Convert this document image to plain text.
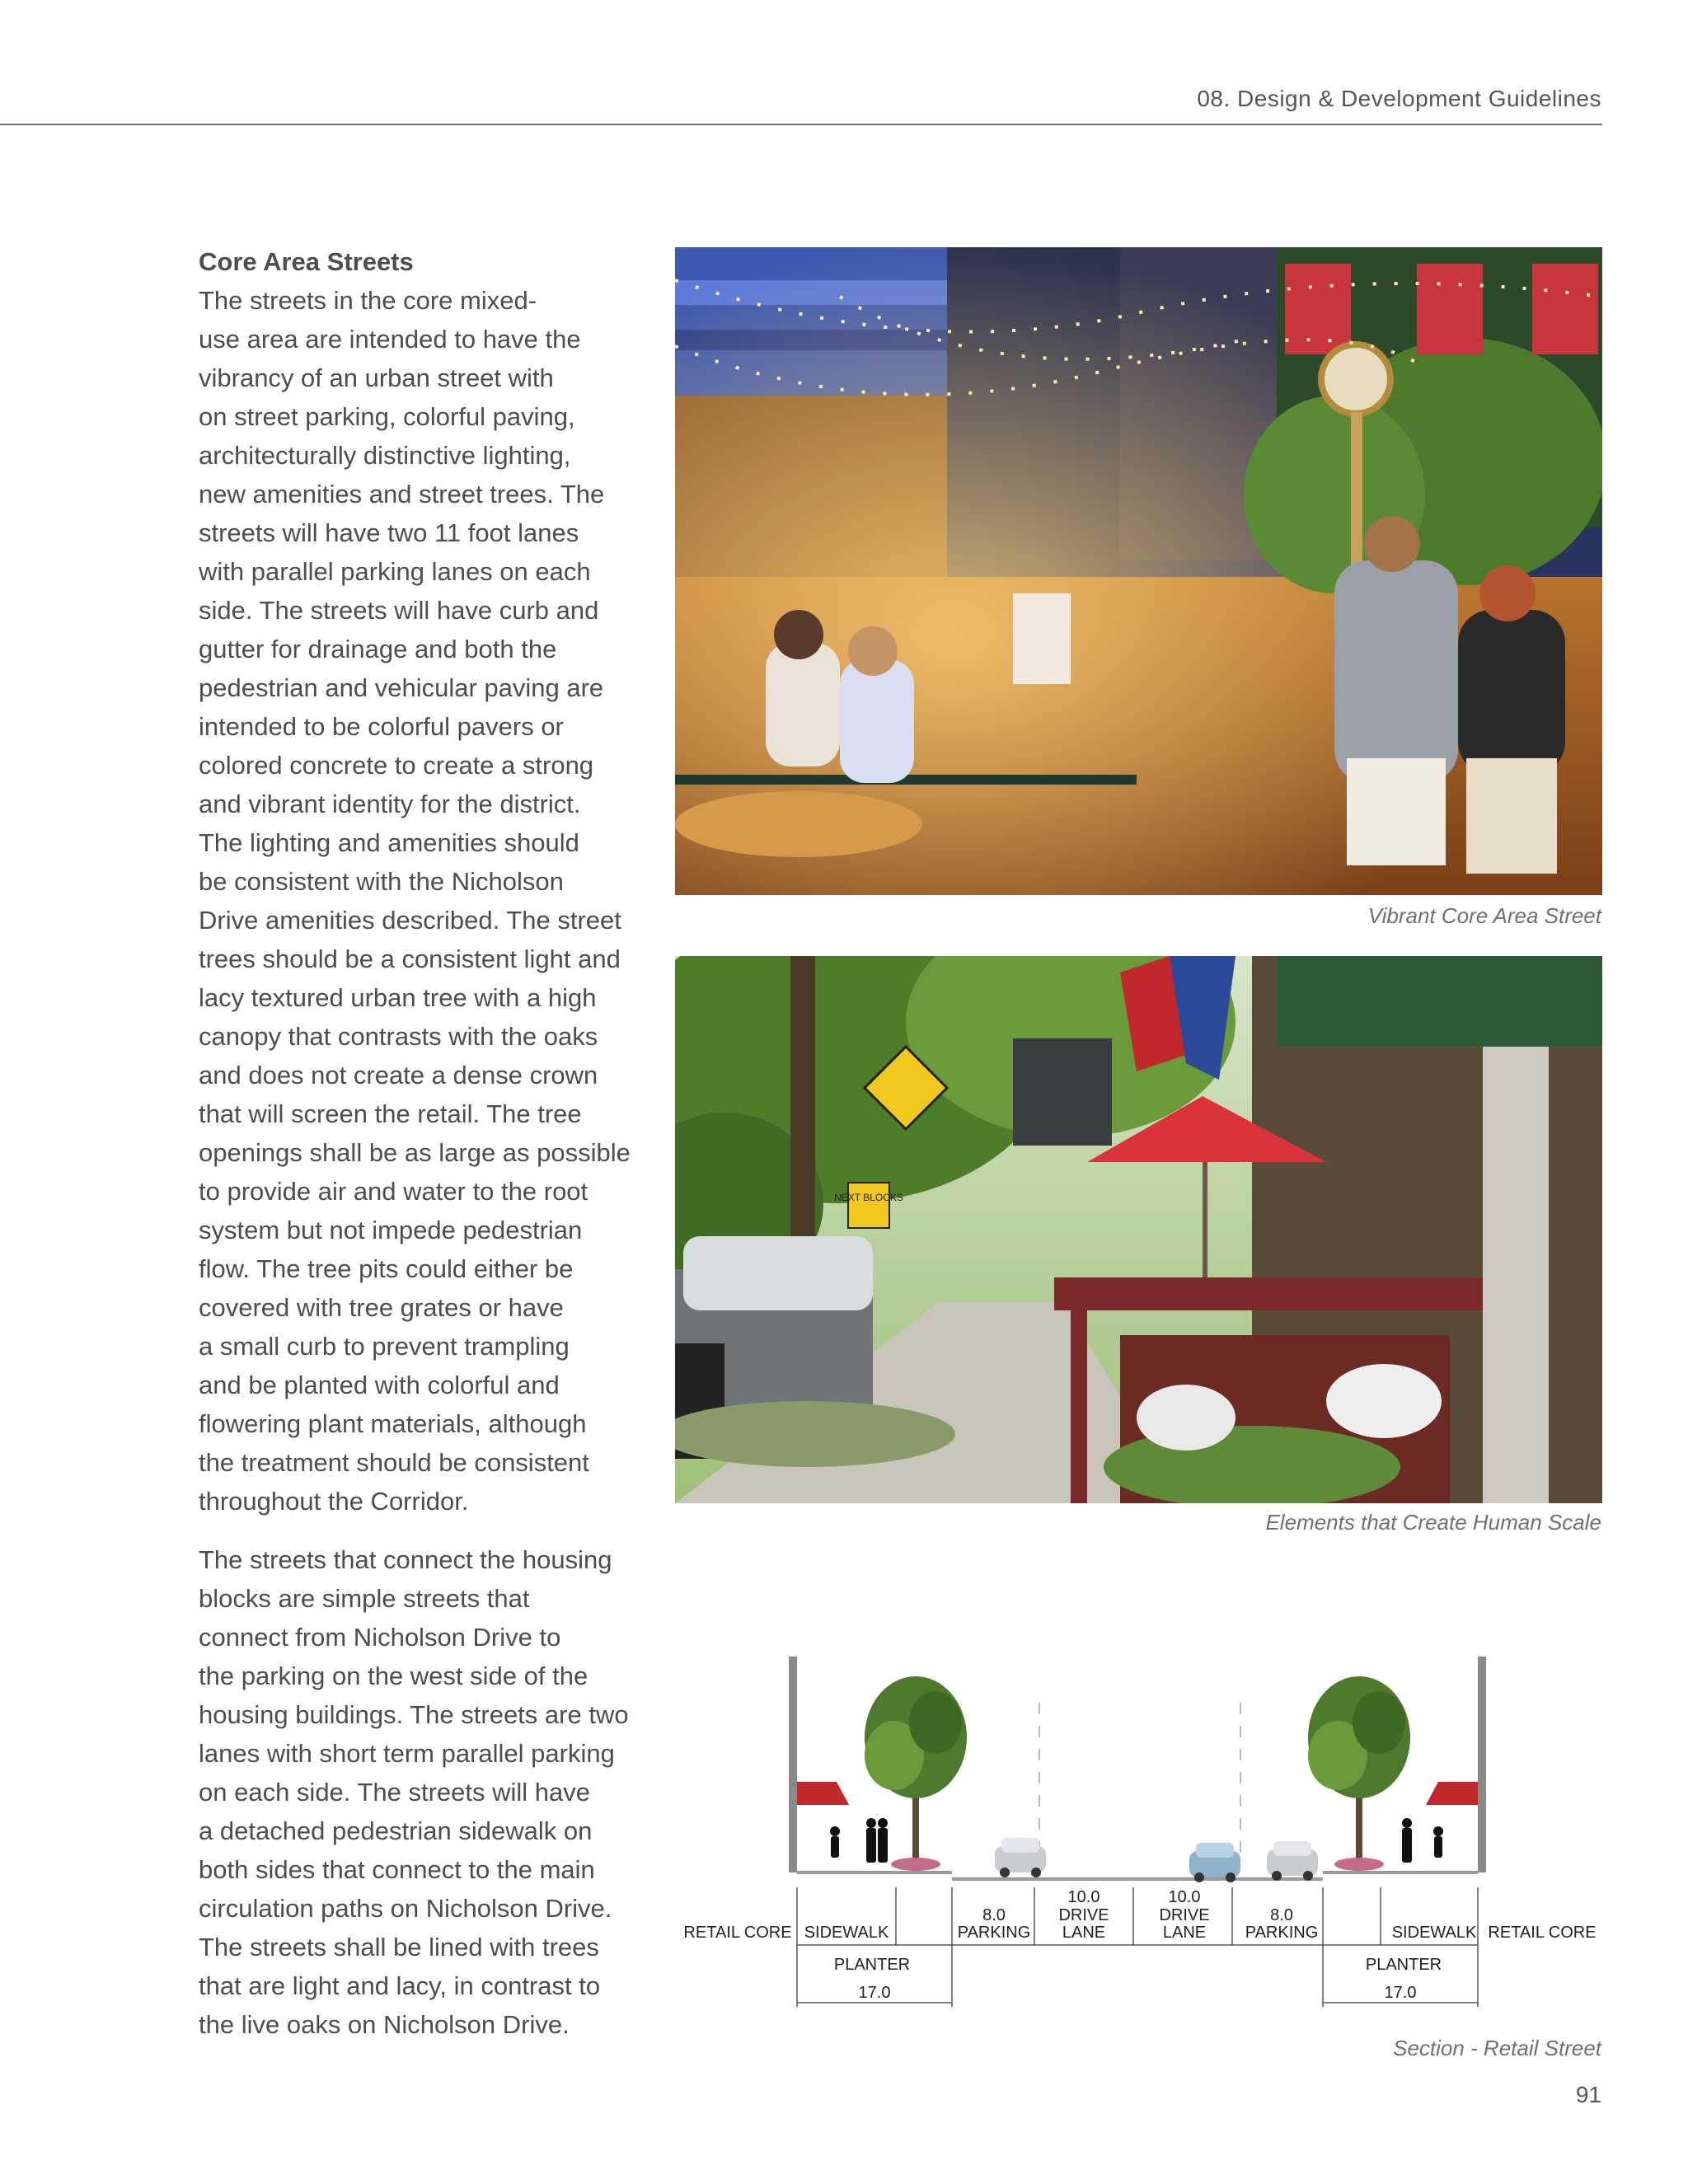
08. Design & Development Guidelines
Core Area Streets

The streets in the core mixed-
use area are intended to have the
vibrancy of an urban street with
on street parking, colorful paving,
architecturally distinctive lighting,
new amenities and street trees. The
streets will have two 11 foot lanes
with parallel parking lanes on each
side. The streets will have curb and
gutter for drainage and both the
pedestrian and vehicular paving are
intended to be colorful pavers or
colored concrete to create a strong
and vibrant identity for the district.
The lighting and amenities should
be consistent with the Nicholson
Drive amenities described. The street
trees should be a consistent light and
lacy textured urban tree with a high
canopy that contrasts with the oaks
and does not create a dense crown
that will screen the retail. The tree
openings shall be as large as possible
to provide air and water to the root
system but not impede pedestrian
flow. The tree pits could either be
covered with tree grates or have
a small curb to prevent trampling
and be planted with colorful and
flowering plant materials, although
the treatment should be consistent
throughout the Corridor.

The streets that connect the housing
blocks are simple streets that
connect from Nicholson Drive to
the parking on the west side of the
housing buildings. The streets are two
lanes with short term parallel parking
on each side. The streets will have
a detached pedestrian sidewalk on
both sides that connect to the main
circulation paths on Nicholson Drive.
The streets shall be lined with trees
that are light and lacy, in contrast to
the live oaks on Nicholson Drive.

Vibrant Core Area Street
NEXT BLOCKS
Elements that Create Human Scale
RETAIL CORE SIDEWALK
8.0
PARKING
10.0
DRIVE
LANE
10.0
DRIVE
LANE
8.0
PARKING	SIDEWALK RETAIL CORE
PLANTER	PLANTER
17.0	17.0
Section - Retail Street
91
